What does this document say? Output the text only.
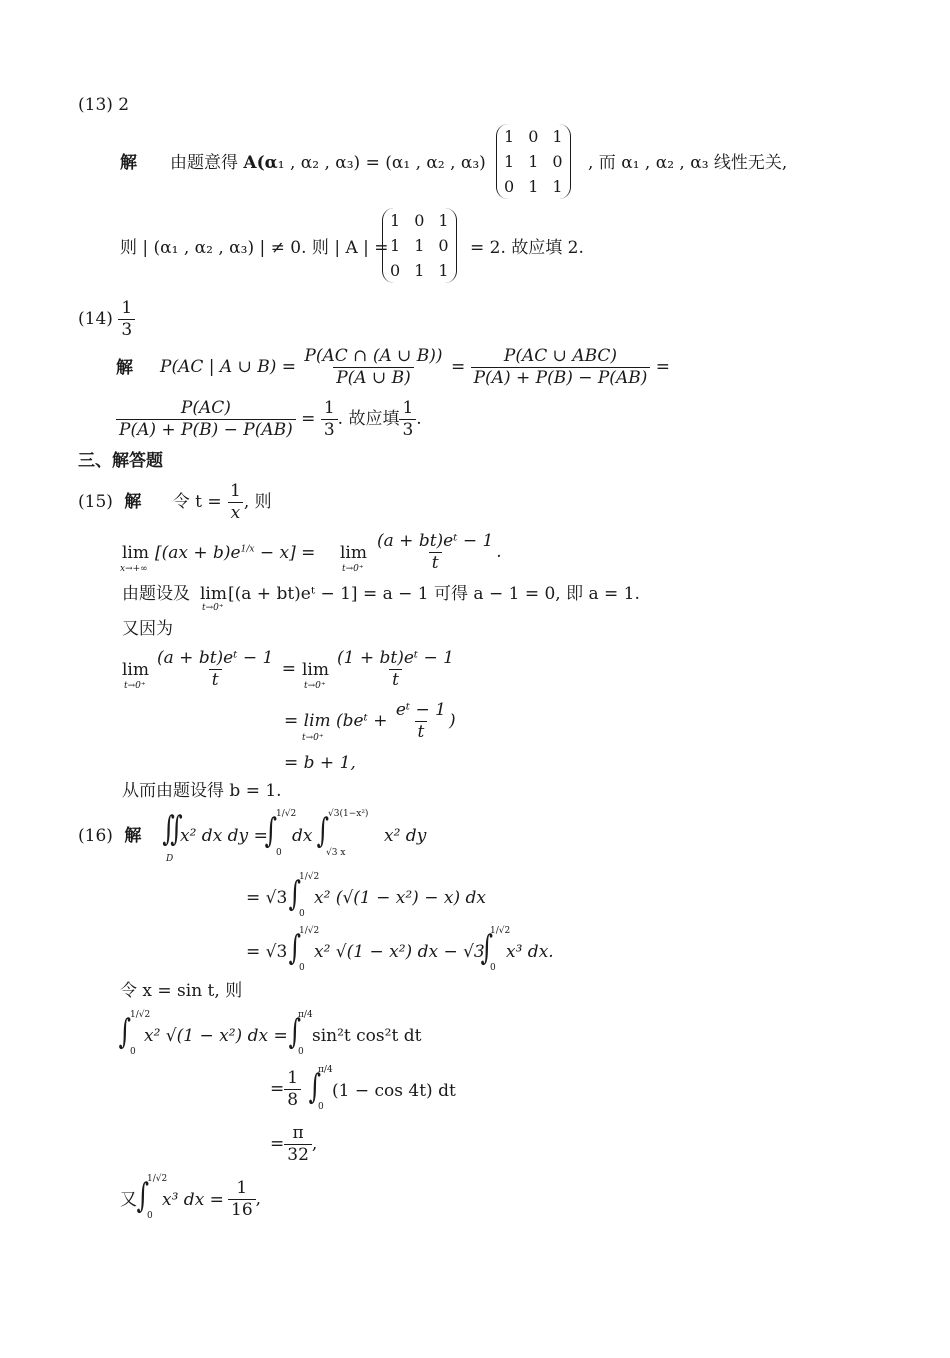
(13) 2
解 由题意得 A(α₁ , α₂ , α₃) = (α₁ , α₂ , α₃)
1	0	1
1	1	0
0	1	1
, 而 α₁ , α₂ , α₃ 线性无关,
则 | (α₁ , α₂ , α₃) | ≠ 0. 则 | A | =
1	0	1
1	1	0
0	1	1
= 2. 故应填 2.
$(14) \frac{1}{3}$
解 P(AC | A ∪ $B) = \frac{P(AC \cap (A \cup B))}{P(A \cup B)} = \frac{\text{P(AC ∪ ABC)}}{P(A) + P(B) - P(AB)}$ =
$\frac{P(AC)}{P(A) + P(B) - P(AB)} = \frac{1}{3}$ . 故应填 $\frac{1}{3}$ .
三、解答题
(15) 解 令 $t = \frac{1}{x}$ , 则
lim
x→+∞
$[(ax + b)e^{1/x} - x] = \lim$
$t\to 0^+ \frac{\text{(a + bt)eᵗ − 1}}{t}$ .
由题设及 lim
t→0⁺
[(a + bt)eᵗ − 1] = a − 1 可得 a − 1 = 0, 即 a = 1.
又因为
lim
$t\to 0^+ \frac{\text{(a + bt)eᵗ − 1}}{t} = \lim$
$t\to 0^+ \frac{\text{(1 + bt)eᵗ − 1}}{t}$
= lim (beᵗ + $\frac{\text{eᵗ − 1}}{t}$ )
t→0⁺
= b + 1,
从而由题设得 b = 1.
(16) 解 ∬
D
x² dx dy =
∫
1/√2
0
dx ∫
√3(1−x²)
√3 x
x² dy
= √3 ∫
1/√2
0
x² (√(1 − x²) − x) dx
= √3 ∫
1/√2
0
x² √(1 − x²) dx − √3
∫
1/√2
0
x³ dx.
令 x = sin t, 则
∫
1/√2
0
x² √(1 − x²) dx = ∫
π/4
0
sin²t cos²t dt
= $\frac{1}{8}$ ∫
π/4
0
(1 − cos 4t) dt
= $\frac{\pi}{32}$ ,
又 ∫
1/√2
0
x³ dx = $\frac{1}{16}$ ,
